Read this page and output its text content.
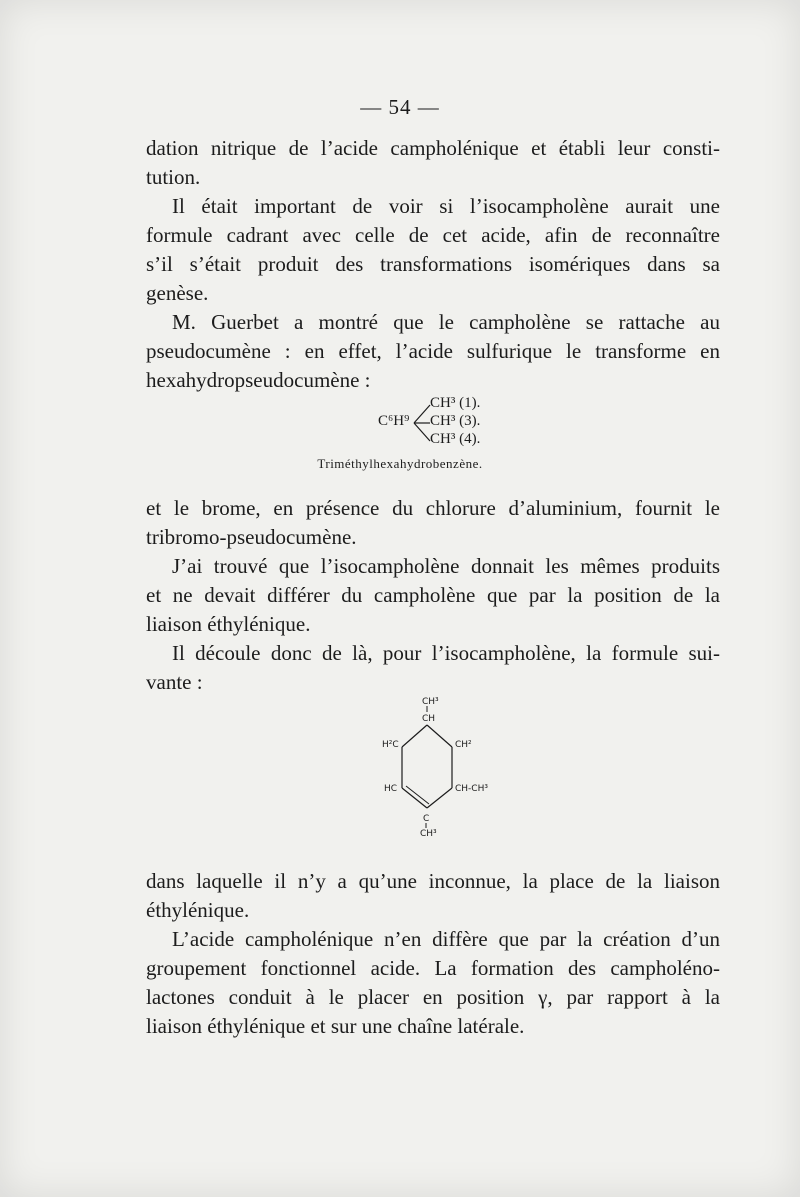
— 54 —
dation nitrique de l’acide campholénique et établi leur consti-
tution.
Il était important de voir si l’isocampholène aurait une
formule cadrant avec celle de cet acide, afin de reconnaître
s’il s’était produit des transformations isomériques dans sa
genèse.
M. Guerbet a montré que le campholène se rattache au
pseudocumène : en effet, l’acide sulfurique le transforme en
hexahydropseudocumène :
C⁶H⁹
CH³ (1).
CH³ (3).
CH³ (4).
Triméthylhexahydrobenzène.
et le brome, en présence du chlorure d’aluminium, fournit le
tribromo-pseudocumène.
J’ai trouvé que l’isocampholène donnait les mêmes produits
et ne devait différer du campholène que par la position de la
liaison éthylénique.
Il découle donc de là, pour l’isocampholène, la formule sui-
vante :
CH³
CH
H²C	CH²
HC	CH-CH³
C
CH³
dans laquelle il n’y a qu’une inconnue, la place de la liaison
éthylénique.
L’acide campholénique n’en diffère que par la création d’un
groupement fonctionnel acide. La formation des campholéno-
lactones conduit à le placer en position γ, par rapport à la
liaison éthylénique et sur une chaîne latérale.
